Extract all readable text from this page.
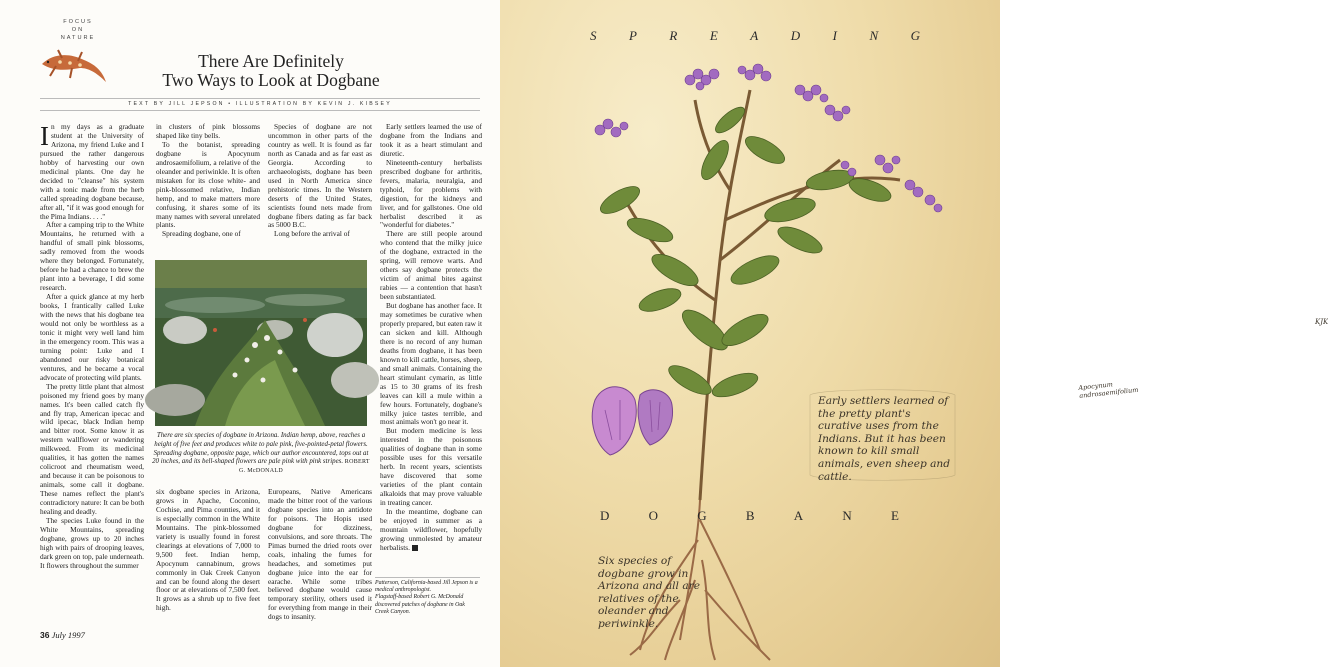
FOCUS
ON
NATURE
There Are Definitely
Two Ways to Look at Dogbane
TEXT BY JILL JEPSON • ILLUSTRATION BY KEVIN J. KIBSEY

In my days as a graduate student at the University of Arizona, my friend Luke and I pursued the rather dangerous hobby of harvesting our own medicinal plants. One day he decided to "cleanse" his system with a tonic made from the herb called spreading dogbane because, after all, "if it was good enough for the Pima Indians. . . ."

After a camping trip to the White Mountains, he returned with a handful of small pink blossoms, sadly removed from the woods where they belonged. Fortunately, before he had a chance to brew the plant into a beverage, I did some research.

After a quick glance at my herb books, I frantically called Luke with the news that his dogbane tea would not only be worthless as a tonic it might very well land him in the emergency room. This was a turning point: Luke and I abandoned our risky botanical ventures, and he became a vocal advocate of protecting wild plants.

The pretty little plant that almost poisoned my friend goes by many names. It's been called catch fly and fly trap, American ipecac and wild ipecac, black Indian hemp and bitter root. Some know it as western wallflower or wandering milkweed. From its medicinal qualities, it has gotten the names colicroot and rheumatism weed, and because it can be poisonous to animals, some call it dogbane. These names reflect the plant's contradictory nature: It can be both healing and deadly.

The species Luke found in the White Mountains, spreading dogbane, grows up to 20 inches high with pairs of drooping leaves, dark green on top, pale underneath. It flowers throughout the summer

in clusters of pink blossoms shaped like tiny bells.

To the botanist, spreading dogbane is Apocynum androsaemifolium, a relative of the oleander and periwinkle. It is often mistaken for its close white- and pink-blossomed relative, Indian hemp, and to make matters more confusing, it shares some of its many names with several unrelated plants.

Spreading dogbane, one of

Species of dogbane are not uncommon in other parts of the country as well. It is found as far north as Canada and as far east as Georgia. According to archaeologists, dogbane has been used in North America since prehistoric times. In the Western deserts of the United States, scientists found nets made from dogbane fibers dating as far back as 5000 B.C.

Long before the arrival of

There are six species of dogbane in Arizona. Indian hemp, above, reaches a height of five feet and produces white to pale pink, five-pointed-petal flowers. Spreading dogbane, opposite page, which our author encountered, tops out at 20 inches, and its bell-shaped flowers are pale pink with pink stripes. ROBERT G. McDONALD

six dogbane species in Arizona, grows in Apache, Coconino, Cochise, and Pima counties, and it is especially common in the White Mountains. The pink-blossomed variety is usually found in forest clearings at elevations of 7,000 to 9,500 feet. Indian hemp, Apocynum cannabinum, grows commonly in Oak Creek Canyon and can be found along the desert floor or at elevations of 7,500 feet. It grows as a shrub up to five feet high.

Europeans, Native Americans made the bitter root of the various dogbane species into an antidote for poisons. The Hopis used dogbane for dizziness, convulsions, and sore throats. The Pimas burned the dried roots over coals, inhaling the fumes for headaches, and sometimes put dogbane juice into the ear for earache. While some tribes believed dogbane would cause temporary sterility, others used it for everything from mange in their dogs to insanity.

Early settlers learned the use of dogbane from the Indians and took it as a heart stimulant and diuretic.

Nineteenth-century herbalists prescribed dogbane for arthritis, fevers, malaria, neuralgia, and typhoid, for problems with digestion, for the kidneys and liver, and for gallstones. One old herbalist described it as "wonderful for diabetes."

There are still people around who contend that the milky juice of the dogbane, extracted in the spring, will remove warts. And others say dogbane protects the victim of animal bites against rabies — a contention that hasn't been substantiated.

But dogbane has another face. It may sometimes be curative when properly prepared, but eaten raw it can sicken and kill. Although there is no record of any human deaths from dogbane, it has been known to kill cattle, horses, sheep, and small animals. Containing the heart stimulant cymarin, as little as 15 to 30 grams of its fresh leaves can kill a mule within a few hours. Fortunately, dogbane's milky juice tastes terrible, and most animals won't go near it.

But modern medicine is less interested in the poisonous qualities of dogbane than in some possible uses for this versatile herb. In recent years, scientists have discovered that some varieties of the plant contain alkaloids that may prove valuable in treating cancer.

In the meantime, dogbane can be enjoyed in summer as a mountain wildflower, hopefully growing unmolested by amateur herbalists.

Patterson, California-based Jill Jepson is a medical anthropologist.
Flagstaff-based Robert G. McDonald discovered patches of dogbane in Oak Creek Canyon.
36 July 1997
KJK
Apocynum androsaemifolium
S P R E A D I N G
D	O	G	B	A	N	E
Early settlers learned of the pretty plant's curative uses from the Indians. But it has been known to kill small animals, even sheep and cattle.
Six species of dogbane grow in Arizona and all are relatives of the oleander and periwinkle.
